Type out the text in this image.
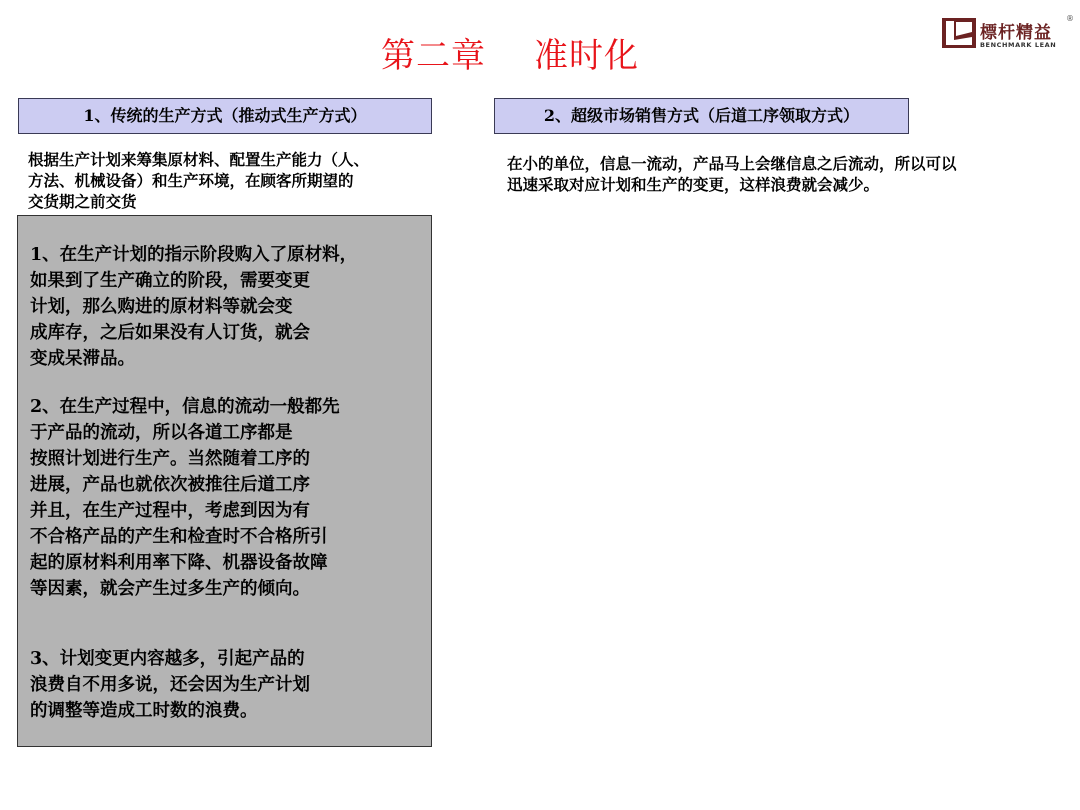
第二章 准时化
標杆精益
®
BENCHMARK LEAN
1、传统的生产方式（推动式生产方式）	2、超级市场销售方式（后道工序领取方式）
根据生产计划来筹集原材料、配置生产能力（人、
方法、机械设备）和生产环境，在顾客所期望的
交货期之前交货
在小的单位，信息一流动，产品马上会继信息之后流动，所以可以
迅速采取对应计划和生产的变更，这样浪费就会减少。
1、在生产计划的指示阶段购入了原材料，
如果到了生产确立的阶段，需要变更
计划，那么购进的原材料等就会变
成库存，之后如果没有人订货，就会
变成呆滞品。
2、在生产过程中，信息的流动一般都先
于产品的流动，所以各道工序都是
按照计划进行生产。当然随着工序的
进展，产品也就依次被推往后道工序
并且，在生产过程中，考虑到因为有
不合格产品的产生和检查时不合格所引
起的原材料利用率下降、机器设备故障
等因素，就会产生过多生产的倾向。
3、计划变更内容越多，引起产品的
浪费自不用多说，还会因为生产计划
的调整等造成工时数的浪费。
